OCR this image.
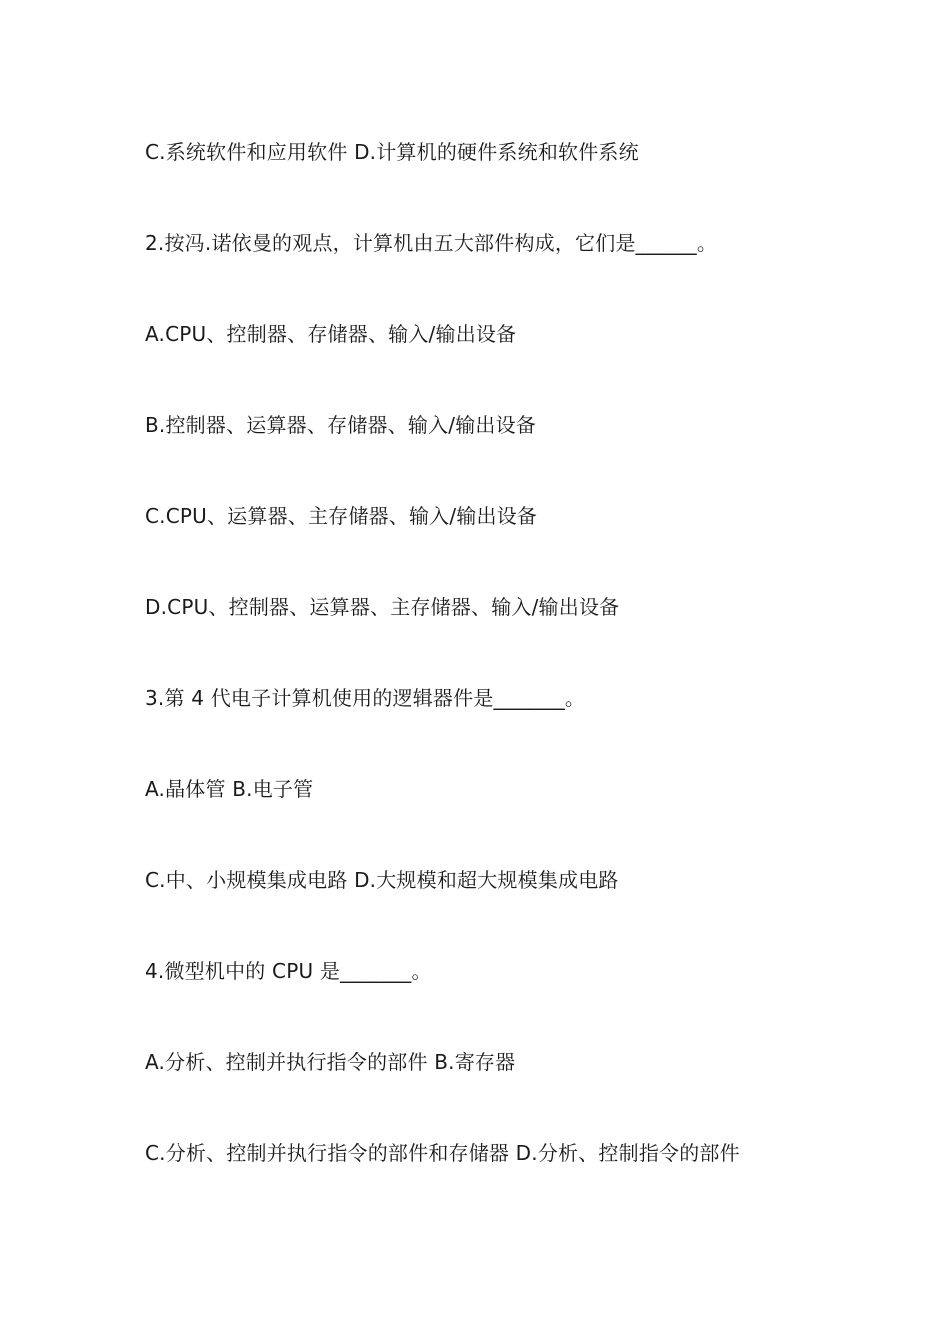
C.系统软件和应用软件 D.计算机的硬件系统和软件系统
2.按冯.诺依曼的观点，计算机由五大部件构成，它们是______。
A.CPU、控制器、存储器、输入/输出设备
B.控制器、运算器、存储器、输入/输出设备
C.CPU、运算器、主存储器、输入/输出设备
D.CPU、控制器、运算器、主存储器、输入/输出设备
3.第 4 代电子计算机使用的逻辑器件是_______。
A.晶体管 B.电子管
C.中、小规模集成电路 D.大规模和超大规模集成电路
4.微型机中的 CPU 是_______。
A.分析、控制并执行指令的部件 B.寄存器
C.分析、控制并执行指令的部件和存储器 D.分析、控制指令的部件
